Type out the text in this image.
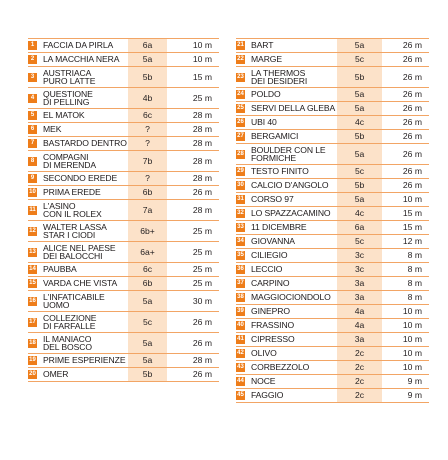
1	FACCIA DA PIRLA	6a	10 m
2	LA MACCHIA NERA	5a	10 m
3	AUSTRIACA
PURO LATTE	5b	15 m
4	QUESTIONE
DI PELLING	4b	25 m
5	EL MATOK	6c	28 m
6	MEK	?	28 m
7	BASTARDO DENTRO	?	28 m
8	COMPAGNI
DI MERENDA	7b	28 m
9	SECONDO EREDE	?	28 m
10	PRIMA EREDE	6b	26 m
11	L'ASINO
CON IL ROLEX	7a	28 m
12	WALTER LASSA
STAR I CIODI	6b+	25 m
13	ALICE NEL PAESE
DEI BALOCCHI	6a+	25 m
14	PAUBBA	6c	25 m
15	VARDA CHE VISTA	6b	25 m
16	L'INFATICABILE
UOMO	5a	30 m
17	COLLEZIONE
DI FARFALLE	5c	26 m
18	IL MANIACO
DEL BOSCO	5a	26 m
19	PRIME ESPERIENZE	5a	28 m
20	OMER	5b	26 m
21	BART	5a	26 m
22	MARGE	5c	26 m
23	LA THERMOS
DEI DESIDERI	5b	26 m
24	POLDO	5a	26 m
25	SERVI DELLA GLEBA	5a	26 m
26	UBI 40	4c	26 m
27	BERGAMICI	5b	26 m
28	BOULDER CON LE
FORMICHE	5a	26 m
29	TESTO FINITO	5c	26 m
30	CALCIO D'ANGOLO	5b	26 m
31	CORSO 97	5a	10 m
32	LO SPAZZACAMINO	4c	15 m
33	11 DICEMBRE	6a	15 m
34	GIOVANNA	5c	12 m
35	CILIEGIO	3c	8 m
36	LECCIO	3c	8 m
37	CARPINO	3a	8 m
38	MAGGIOCIONDOLO	3a	8 m
39	GINEPRO	4a	10 m
40	FRASSINO	4a	10 m
41	CIPRESSO	3a	10 m
42	OLIVO	2c	10 m
43	CORBEZZOLO	2c	10 m
44	NOCE	2c	9 m
45	FAGGIO	2c	9 m
